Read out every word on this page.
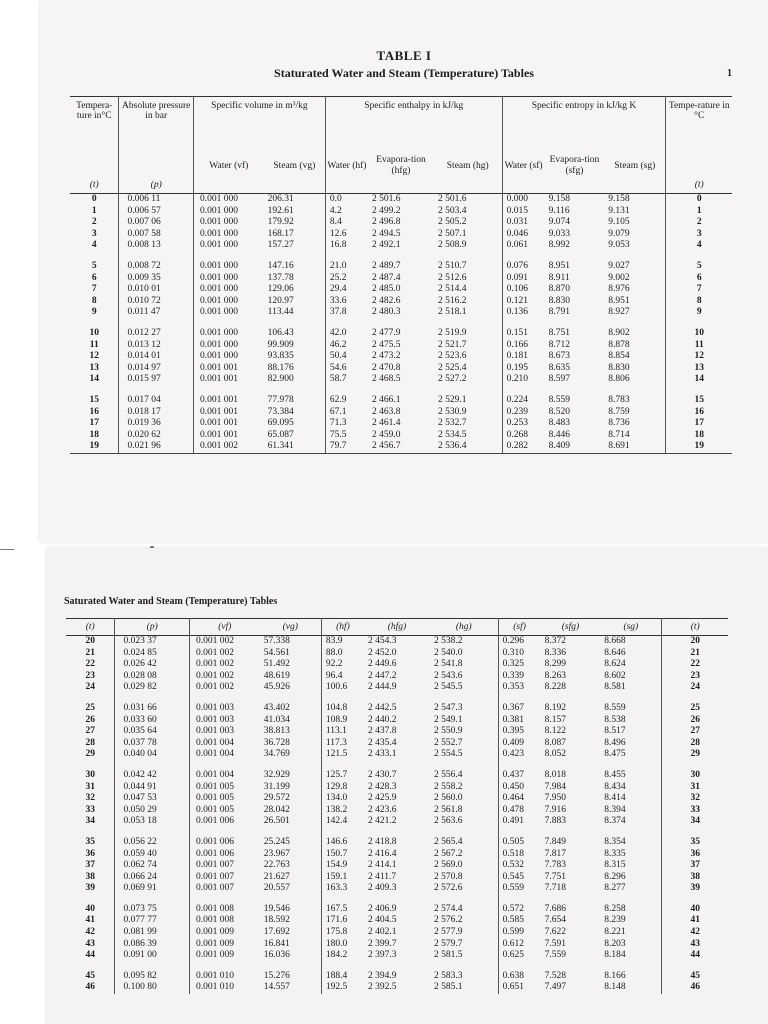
TABLE I
Staturated Water and Steam (Temperature) Tables	1
Tempera-ture in°C	Absolute pressure in bar	Specific volume in m³/kg		Specific enthalpy in kJ/kg			Specific entropy in kJ/kg K			Tempe-rature in °C
		Water (vf)	Steam (vg)	Water (hf)	Evapora-tion (hfg)	Steam (hg)	Water (sf)	Evapora-tion (sfg)	Steam (sg)	
(t)	(p)									(t)
0	0.006 11	0.001 000	206.31	0.0	2 501.6	2 501.6	0.000	9.158	9.158	0
1	0.006 57	0.001 000	192.61	4.2	2 499.2	2 503.4	0.015	9.116	9.131	1
2	0.007 06	0.001 000	179.92	8.4	2 496.8	2 505.2	0.031	9.074	9.105	2
3	0.007 58	0.001 000	168.17	12.6	2 494.5	2 507.1	0.046	9.033	9.079	3
4	0.008 13	0.001 000	157.27	16.8	2 492.1	2 508.9	0.061	8.992	9.053	4

5	0.008 72	0.001 000	147.16	21.0	2 489.7	2 510.7	0.076	8.951	9.027	5
6	0.009 35	0.001 000	137.78	25.2	2 487.4	2 512.6	0.091	8.911	9.002	6
7	0.010 01	0.001 000	129.06	29.4	2 485.0	2 514.4	0.106	8.870	8.976	7
8	0.010 72	0.001 000	120.97	33.6	2 482.6	2 516.2	0.121	8.830	8.951	8
9	0.011 47	0.001 000	113.44	37.8	2 480.3	2 518.1	0.136	8.791	8.927	9

10	0.012 27	0.001 000	106.43	42.0	2 477.9	2 519.9	0.151	8.751	8.902	10
11	0.013 12	0.001 000	99.909	46.2	2 475.5	2 521.7	0.166	8.712	8.878	11
12	0.014 01	0.001 000	93.835	50.4	2 473.2	2 523.6	0.181	8.673	8.854	12
13	0.014 97	0.001 001	88.176	54.6	2 470.8	2 525.4	0.195	8.635	8.830	13
14	0.015 97	0.001 001	82.900	58.7	2 468.5	2 527.2	0.210	8.597	8.806	14

15	0.017 04	0.001 001	77.978	62.9	2 466.1	2 529.1	0.224	8.559	8.783	15
16	0.018 17	0.001 001	73.384	67.1	2 463.8	2 530.9	0.239	8.520	8.759	16
17	0.019 36	0.001 001	69.095	71.3	2 461.4	2 532.7	0.253	8.483	8.736	17
18	0.020 62	0.001 001	65.087	75.5	2 459.0	2 534.5	0.268	8.446	8.714	18
19	0.021 96	0.001 002	61.341	79.7	2 456.7	2 536.4	0.282	8.409	8.691	19
Saturated Water and Steam (Temperature) Tables
(t)	(p)	(vf)	(vg)	(hf)	(hfg)	(hg)	(sf)	(sfg)	(sg)	(t)
20	0.023 37	0.001 002	57.338	83.9	2 454.3	2 538.2	0.296	8.372	8.668	20
21	0.024 85	0.001 002	54.561	88.0	2 452.0	2 540.0	0.310	8.336	8.646	21
22	0.026 42	0.001 002	51.492	92.2	2 449.6	2 541.8	0.325	8.299	8.624	22
23	0.028 08	0.001 002	48.619	96.4	2 447.2	2 543.6	0.339	8.263	8.602	23
24	0.029 82	0.001 002	45.926	100.6	2 444.9	2 545.5	0.353	8.228	8.581	24

25	0.031 66	0.001 003	43.402	104.8	2 442.5	2 547.3	0.367	8.192	8.559	25
26	0.033 60	0.001 003	41.034	108.9	2 440.2	2 549.1	0.381	8.157	8.538	26
27	0.035 64	0.001 003	38.813	113.1	2 437.8	2 550.9	0.395	8.122	8.517	27
28	0.037 78	0.001 004	36.728	117.3	2 435.4	2 552.7	0.409	8.087	8.496	28
29	0.040 04	0.001 004	34.769	121.5	2 433.1	2 554.5	0.423	8.052	8.475	29

30	0.042 42	0.001 004	32.929	125.7	2 430.7	2 556.4	0.437	8.018	8.455	30
31	0.044 91	0.001 005	31.199	129.8	2 428.3	2 558.2	0.450	7.984	8.434	31
32	0.047 53	0.001 005	29.572	134.0	2 425.9	2 560.0	0.464	7.950	8.414	32
33	0.050 29	0.001 005	28.042	138.2	2 423.6	2 561.8	0.478	7.916	8.394	33
34	0.053 18	0.001 006	26.501	142.4	2 421.2	2 563.6	0.491	7.883	8.374	34

35	0.056 22	0.001 006	25.245	146.6	2 418.8	2 565.4	0.505	7.849	8.354	35
36	0.059 40	0.001 006	23.967	150.7	2 416.4	2 567.2	0.518	7.817	8.335	36
37	0.062 74	0.001 007	22.763	154.9	2 414.1	2 569.0	0.532	7.783	8.315	37
38	0.066 24	0.001 007	21.627	159.1	2 411.7	2 570.8	0.545	7.751	8.296	38
39	0.069 91	0.001 007	20.557	163.3	2 409.3	2 572.6	0.559	7.718	8.277	39

40	0.073 75	0.001 008	19.546	167.5	2 406.9	2 574.4	0.572	7.686	8.258	40
41	0.077 77	0.001 008	18.592	171.6	2 404.5	2 576.2	0.585	7.654	8.239	41
42	0.081 99	0.001 009	17.692	175.8	2 402.1	2 577.9	0.599	7.622	8.221	42
43	0.086 39	0.001 009	16.841	180.0	2 399.7	2 579.7	0.612	7.591	8.203	43
44	0.091 00	0.001 009	16.036	184.2	2 397.3	2 581.5	0.625	7.559	8.184	44

45	0.095 82	0.001 010	15.276	188.4	2 394.9	2 583.3	0.638	7.528	8.166	45
46	0.100 80	0.001 010	14.557	192.5	2 392.5	2 585.1	0.651	7.497	8.148	46
